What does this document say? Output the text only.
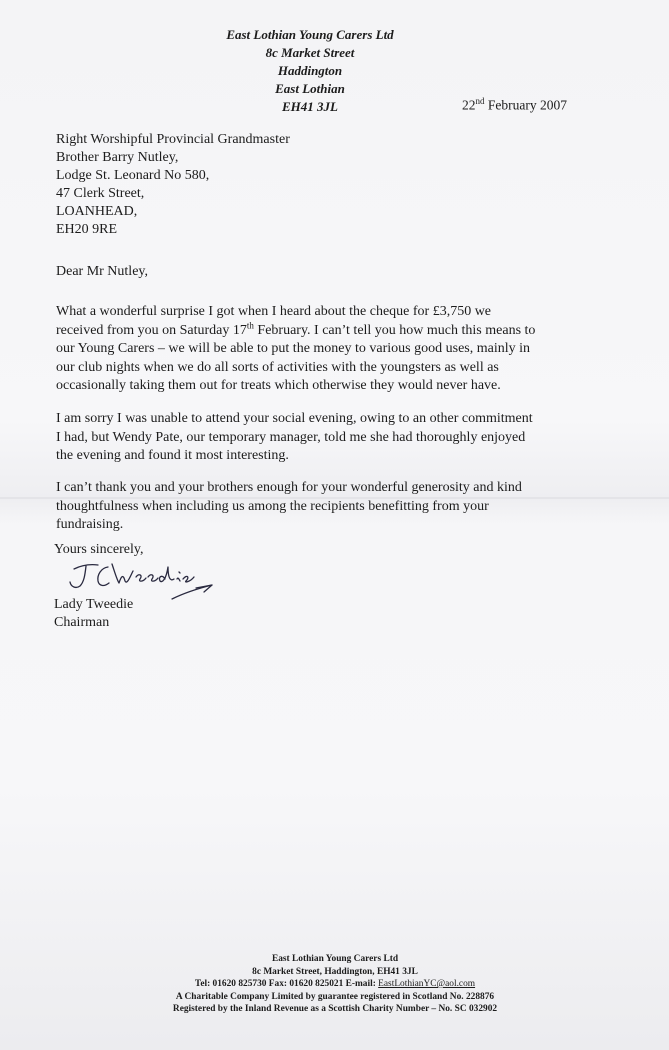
East Lothian Young Carers Ltd
8c Market Street
Haddington
East Lothian
EH41 3JL	22nd February 2007
Right Worshipful Provincial Grandmaster
Brother Barry Nutley,
Lodge St. Leonard No 580,
47 Clerk Street,
LOANHEAD,
EH20 9RE
Dear Mr Nutley,
What a wonderful surprise I got when I heard about the cheque for £3,750 we
received from you on Saturday 17th February. I can’t tell you how much this means to
our Young Carers – we will be able to put the money to various good uses, mainly in
our club nights when we do all sorts of activities with the youngsters as well as
occasionally taking them out for treats which otherwise they would never have.
I am sorry I was unable to attend your social evening, owing to an other commitment
I had, but Wendy Pate, our temporary manager, told me she had thoroughly enjoyed
the evening and found it most interesting.
I can’t thank you and your brothers enough for your wonderful generosity and kind
thoughtfulness when including us among the recipients benefitting from your
fundraising.
Yours sincerely,
Lady Tweedie
Chairman
East Lothian Young Carers Ltd
8c Market Street, Haddington, EH41 3JL
Tel: 01620 825730 Fax: 01620 825021 E-mail: EastLothianYC@aol.com
A Charitable Company Limited by guarantee registered in Scotland No. 228876
Registered by the Inland Revenue as a Scottish Charity Number – No. SC 032902
